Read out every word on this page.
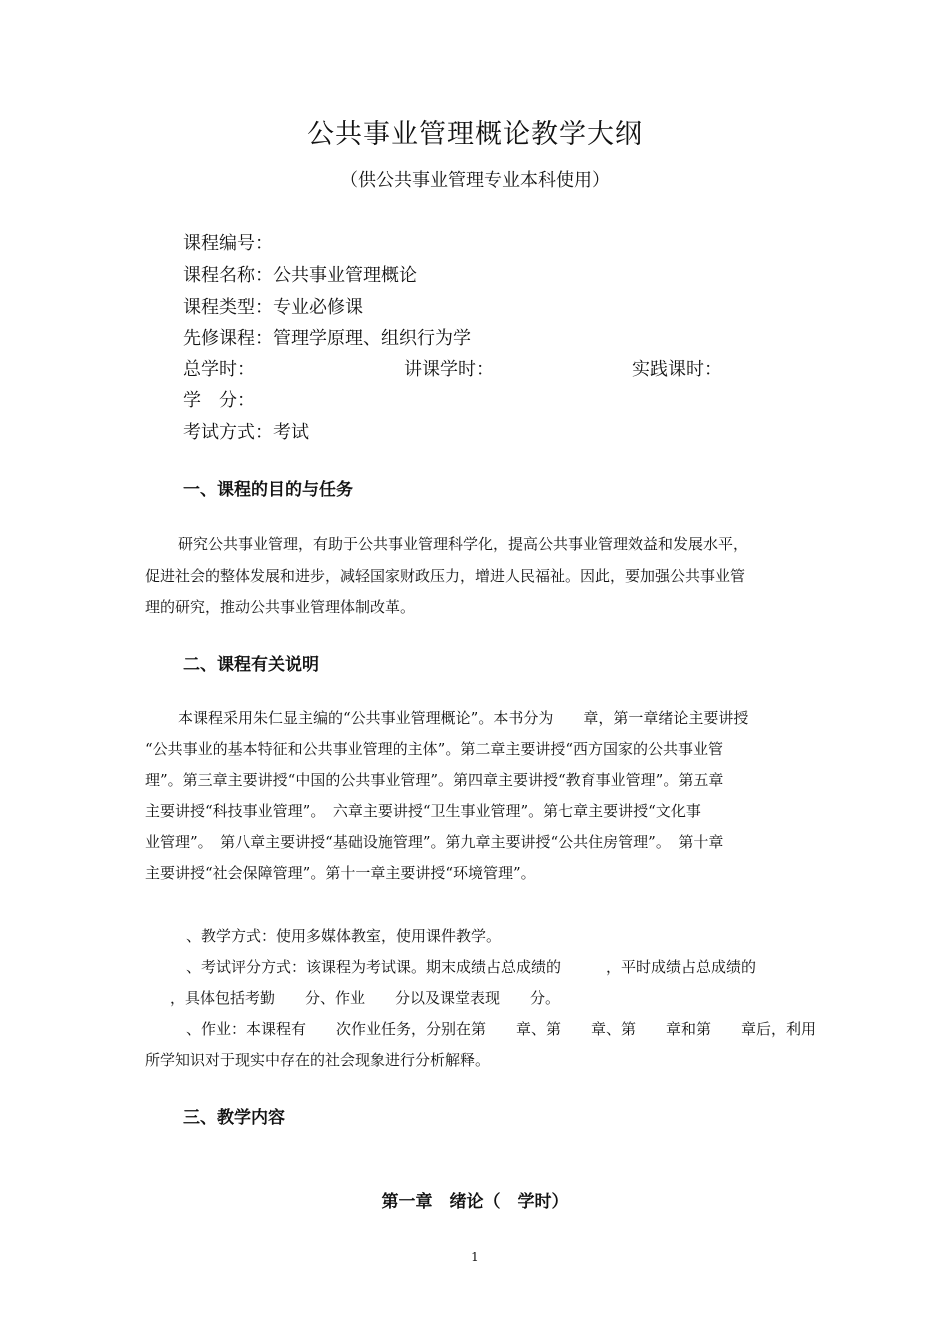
公共事业管理概论教学大纲
（供公共事业管理专业本科使用）
课程编号：
课程名称：公共事业管理概论
课程类型：专业必修课
先修课程：管理学原理、组织行为学
总学时：	讲课学时：	实践课时：
学　分：
考试方式：考试
一、课程的目的与任务
研究公共事业管理，有助于公共事业管理科学化，提高公共事业管理效益和发展水平，
促进社会的整体发展和进步，减轻国家财政压力，增进人民福祉。因此，要加强公共事业管
理的研究，推动公共事业管理体制改革。
二、课程有关说明
本课程采用朱仁显主编的“公共事业管理概论”。本书分为　　章，第一章绪论主要讲授
“公共事业的基本特征和公共事业管理的主体”。第二章主要讲授“西方国家的公共事业管
理”。第三章主要讲授“中国的公共事业管理”。第四章主要讲授“教育事业管理”。第五章
主要讲授“科技事业管理”。　六章主要讲授“卫生事业管理”。第七章主要讲授“文化事
业管理”。　第八章主要讲授“基础设施管理”。第九章主要讲授“公共住房管理”。　第十章
主要讲授“社会保障管理”。第十一章主要讲授“环境管理”。
、教学方式：使用多媒体教室，使用课件教学。
、考试评分方式：该课程为考试课。期末成绩占总成绩的　　　，平时成绩占总成绩的
，具体包括考勤　　分、作业　　分以及课堂表现　　分。
、作业：本课程有　　次作业任务，分别在第　　章、第　　章、第　　章和第　　章后，利用
所学知识对于现实中存在的社会现象进行分析解释。
三、教学内容
第一章　绪论（　学时）
1
